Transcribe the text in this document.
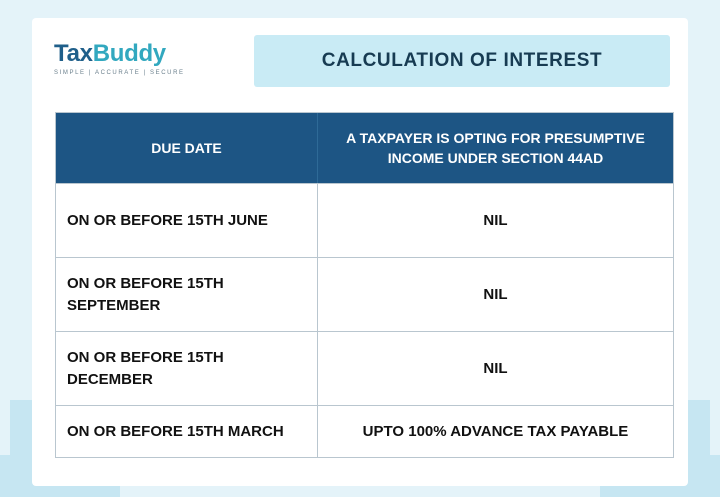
TaxBuddy
SIMPLE | ACCURATE | SECURE
CALCULATION OF INTEREST
DUE DATE
A TAXPAYER IS OPTING FOR PRESUMPTIVE INCOME UNDER SECTION 44AD
ON OR BEFORE 15TH JUNE	NIL
ON OR BEFORE 15TH SEPTEMBER
NIL
ON OR BEFORE 15TH DECEMBER
NIL
ON OR BEFORE 15TH MARCH	UPTO 100% ADVANCE TAX PAYABLE
